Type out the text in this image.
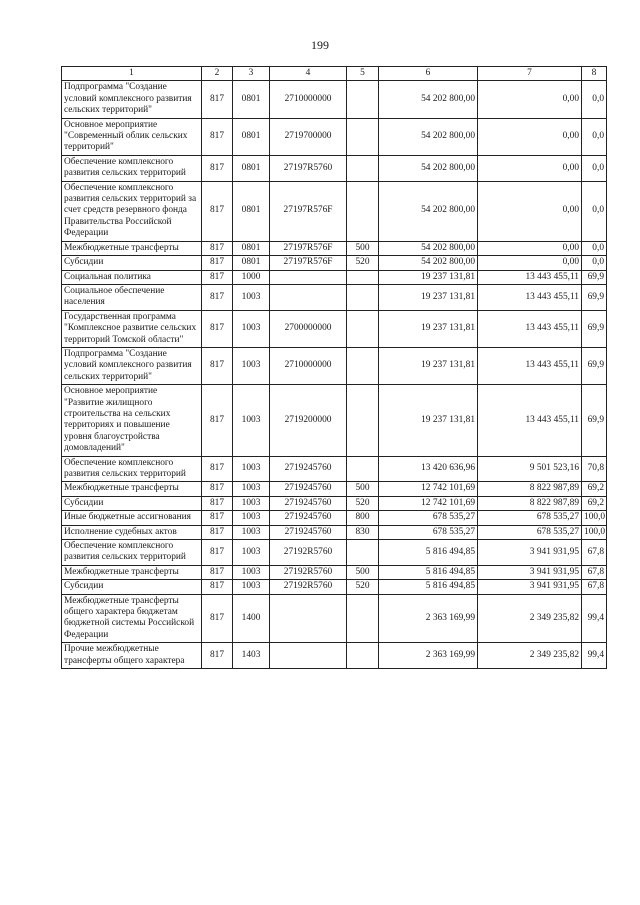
199
1	2	3	4	5	6	7	8
Подпрограмма "Создание условий комплексного развития сельских территорий"	817	0801	2710000000		54 202 800,00	0,00	0,0
Основное мероприятие "Современный облик сельских территорий"	817	0801	2719700000		54 202 800,00	0,00	0,0
Обеспечение комплексного развития сельских территорий	817	0801	27197R5760		54 202 800,00	0,00	0,0
Обеспечение комплексного развития сельских территорий за счет средств резервного фонда Правительства Российской Федерации	817	0801	27197R576F		54 202 800,00	0,00	0,0
Межбюджетные трансферты	817	0801	27197R576F	500	54 202 800,00	0,00	0,0
Субсидии	817	0801	27197R576F	520	54 202 800,00	0,00	0,0
Социальная политика	817	1000			19 237 131,81	13 443 455,11	69,9
Социальное обеспечение населения	817	1003			19 237 131,81	13 443 455,11	69,9
Государственная программа "Комплексное развитие сельских территорий Томской области"	817	1003	2700000000		19 237 131,81	13 443 455,11	69,9
Подпрограмма "Создание условий комплексного развития сельских территорий"	817	1003	2710000000		19 237 131,81	13 443 455,11	69,9
Основное мероприятие "Развитие жилищного строительства на сельских территориях и повышение уровня благоустройства домовладений"	817	1003	2719200000		19 237 131,81	13 443 455,11	69,9
Обеспечение комплексного развития сельских территорий	817	1003	2719245760		13 420 636,96	9 501 523,16	70,8
Межбюджетные трансферты	817	1003	2719245760	500	12 742 101,69	8 822 987,89	69,2
Субсидии	817	1003	2719245760	520	12 742 101,69	8 822 987,89	69,2
Иные бюджетные ассигнования	817	1003	2719245760	800	678 535,27	678 535,27	100,0
Исполнение судебных актов	817	1003	2719245760	830	678 535,27	678 535,27	100,0
Обеспечение комплексного развития сельских территорий	817	1003	27192R5760		5 816 494,85	3 941 931,95	67,8
Межбюджетные трансферты	817	1003	27192R5760	500	5 816 494,85	3 941 931,95	67,8
Субсидии	817	1003	27192R5760	520	5 816 494,85	3 941 931,95	67,8
Межбюджетные трансферты общего характера бюджетам бюджетной системы Российской Федерации	817	1400			2 363 169,99	2 349 235,82	99,4
Прочие межбюджетные трансферты общего характера	817	1403			2 363 169,99	2 349 235,82	99,4
